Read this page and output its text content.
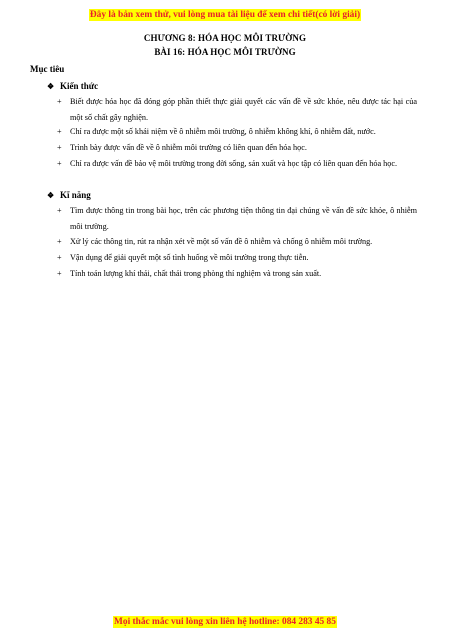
Đây là bản xem thử, vui lòng mua tài liệu để xem chi tiết(có lời giải)
CHƯƠNG 8: HÓA HỌC MÔI TRƯỜNG
BÀI 16: HÓA HỌC MÔI TRƯỜNG
Mục tiêu
❖ Kiến thức
+	Biết được hóa học đã đóng góp phần thiết thực giải quyết các vấn đề về sức khỏe, nêu được tác hại của một số chất gây nghiện.
+	Chỉ ra được một số khái niệm về ô nhiễm môi trường, ô nhiễm không khí, ô nhiễm đất, nước.
+	Trình bày được vấn đề về ô nhiễm môi trường có liên quan đến hóa học.
+	Chỉ ra được vấn đề bảo vệ môi trường trong đời sống, sản xuất và học tập có liên quan đến hóa học.
❖ Kĩ năng
+	Tìm được thông tin trong bài học, trên các phương tiện thông tin đại chúng về vấn đề sức khỏe, ô nhiễm môi trường.
+	Xử lý các thông tin, rút ra nhận xét về một số vấn đề ô nhiễm và chống ô nhiễm môi trường.
+	Vận dụng để giải quyết một số tình huống về môi trường trong thực tiễn.
+	Tính toán lượng khí thải, chất thải trong phòng thí nghiệm và trong sản xuất.
Mọi thắc mắc vui lòng xin liên hệ hotline: 084 283 45 85
